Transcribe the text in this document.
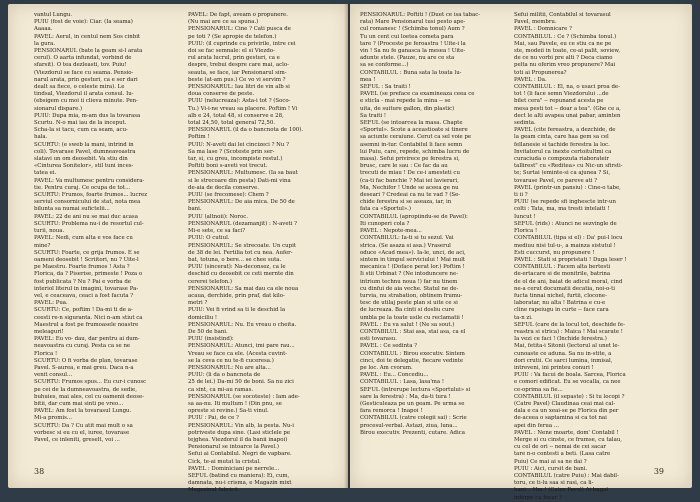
vantul Lungu.
PUIU (fost de voie): Ciar. (Ia seama)
Aaaaa.
PAVEL: Aerul, in centul nem Sos cinbit
la gura.
PENSIONARUL (bate la geam si-l arata
cerul). O aarta infundat, vorbind de
sfarsit). O tea dezleasti, tov. Puiu!
(Viezdorul se face cu seama. Pensio-
narul arata, prin gesturi, ca e ser dari
dealt sa fiece, o celeste mira). Le
tindsal, Viezdorul il arata consul. Iu-
(ebsigem cu moi ii clieva minute. Pen-
sionarul dispare.)
PUIU: Dupa mia, m-am dus la tovarasa
Scurtu. N-o mai iau de la inceput.
Scha-la si tacu, cum ca seam, acu-
hala.
SCURTU: (e sweb la mani, intrind in
coli). Tovarase Pavel, dumneavoastra
slatavi un om deosebit. Va stiu din
«Cinturea Sonitelor», stil tuni inces-
tatea ei.
PAVEL: Va multumesc pentru considera-
tie. Pentru curaj. Ce ocupa de tot...
SCURTU: Frumos, foarte frumos... lucrez
serviul consornicului de stat, nota mea
bilunta sa numai sufictelii...
PAVEL: 22 de ani nu se mai duc acasa
SCURTU: Problema nu-i de resortul cul-
turii, noua.
PAVEL: Nedi, cum alta e vos face cu
mine?
SCURTU: Foarte, ce grija frumos. E se
oameni deosebit ! Scriitori, nu ? Uite-l
pe Maestru. Foarte frumos ! Asta ?
Florica, da ? Piserise, primeste ! Poza o
fost publicata ? Nu ? Pai e vorba de
interiol literul in imagini, tovarase Pa-
vel, e ceaceava, ceaci a fost facuta ?
PAVEL: Pua.
SCURTU: Ce, poftim ! Da-mi ti de a-
ceesti re-n siguranta. Nici n-am stiut ca
Maestrul a fost pe frumoasele noastre
meleaguri!
PAVEL: Eu vo- dau, dar pentru ai dum-
neavoastra cu curaj. Pesta ca se ne
Florica !
SCURTU: O fi vorba de plan, tovarase
Pavel. S-aurea, e mai greu. Daca n-a
venit consul...
SCURTU: Frumos spus... Eu cur-i cunosc
pe cei de la dumneavoastra, de sedie,
buhuies, mai ales, cel cu oamenii deose-
bitii, dar cum mai sinti pe vreo...
PAVEL: Am fost la tovarasul Lungu.
Mi-a promis...
SCURTU: Da ? Cu atit mai mult o sa
vorbesc si eu cu el, iuree, tovarase
Pavel, ce inleniti, greselt, voi ...
PAVEL: De fapt, aveam o propunere.
(Nu mai are ce sa spuna.)
PENSIONARUL: Cine ? Cati pusca de
pe toti ? (Se apropie de telefon.)
PUIU: (il cuprinde cu privirile, intre cei
doi se fac semnale: el si Viezdo-
rul arata lucrul, prin gesturi, ca e
despre, trebui despre care mai, aclo-
seauta, se face, iar Pensionarul sim-
beste (at-am pus.) Ce vo vi servim ?
PENSIONARUL: Iau litri de vin alb si
doua conserve de peste.
PUIU (nelucreaza): Asta-i tot ? (Soco-
Tu.) Vi-i-ne vreau sa placere. Poftim ! Vi
alb e 24, total 48, si conserve e 28,
total 24,50, total general 72,50.
PENSIONARUL (il da o bancnota de 100).
Poftim !
PUIU: N-aveti dai lei cincizeci ? Nu ?
Sa ma lase ? (Scoteste prin ser-
tar, si, cu greu, incompiste restul.)
Poftiti boni s-aveti voi trecut.
PENSIONARUL: Multumesc. (Ia sa baut
si le strecoare din pesta) Dati-mi vina
de-aia de decila conserve.
PUIU (se frecomese): Chem ?
PENSIONARUL: De aia mica. De 50 de
bani.
PUIU (altnoii): Noroc.
PENSIONARUL (dezamanjit) : N-aveti ?
Mi-e sete, ce sa faci?
PUIU: O cutiul.
PENSIONARUL: Se strecoate. Un cupit
de 38 de lei. Fertilia tot cu nea. Aufer-
bat, totuna, o bere... se chee suta.
PUIU (sincerat): Na-deconsez, ca le
deschid cu deosebit ce ceti mernte din
cererei telefon.)
PENSIONARUL: Sa mai dau ca ele noua
acaua, derchide, prin praf, dat kilo-
metri ?
PUIU: Vei fi vrind sa ti le deschid la
domiciliu !
PENSIONARUL: Nu. Eu vreau o cheita.
De 50 de bani.
PUIU (insistind):
PENSIONARUL: Atunci, imi pare rau...
Vreau se face ca ele. (Acesta cuvint-
se la ceva ce nu te-fi cuceresa.)
PENSIONARUL: Nu are alta...
PUIU: (li da o bancnota de
25 de lei.) Da-mi 50 de boni. Sa nu zici
ca sint, ca mi-au ramas.
PENSIONARUL (se socoteste) : Iam ade-
sa aa-nu. Iti multum ! (Din pnu, se
opreste si revine.) Sa-ti vinul.
PUIU : Pai, de ce ?
PENSIONARUL: Vin alb, la pesta. Nu-i
potriveste dupa sine. (Lasi sticlele pe
tejghea. Viezdorul il da banii inapoi)
Pensionarul se intoarce la Pavel.)
Sefui ai Contabilul. Negri de vapbare.
Cick, te-ai mutat la cristal.
PAVEL : Dominiciani pe nerrele...
SEFUL (batind cu maniera): Ei, cum,
damnata, nu-i crisma, e Magazin mixt
Magazinul fabricii.
38
PENSIONARUL: Poftiti ! (Duet ce isa tabac-
rata) Mare Pensionarul tusi pesto ape-
cul romanesc ! (Schimba tonul) Aum ?
Tu un cent cui loetea cometa para
tare ? (Proceste pe feroastra ! Uite-i la
vin ! Sa nu fe ganasca la mesea ! Uite-
adunte stele. (Pauze, nu are ce sta
sa se conforme...)
CONTABILUL : Buna sata la toata lu-
mea !
SEFUL : Sa traiti !
PAVEL (se preface ca examineaza ceea ce
e sticla - mai repede la mina -- se
uita, de suiture gallon, din plastic)
Sa traiti !
SEFUL (se intoarcea la masa. Chapte
«Sportul». Scote a aceastioate si tinere
sa aciunte ceraiune. Cerut ca sel voie pe
asemni in-tur. Contabilul li face semn
lui Puiu, care, repede, schimba lucru de
masa). Sefui privirece pe ferestra si,
brusc, care le sau : Ce fac da au
trecuti de miau ! De ce-i amesteti cu
(ca-ti fac banchie ? Mai iei lavierari,
Ma, Nechifor ! Unde se aceea ge nu
deseari ? Credeai ca nu te vad ? (Se-
chide ferestra si se aseaza, iar, in
fata ca «Sportul».)
CONTABILUL (apropiindu-se de Pavel):
Iti cunoperi cola ?
PAVEL : Nepote-mea...
CONTABILUL: Ia-ti si tu sezul. Vai
strica. (Se asaza si asa.) Vraserul
oduce «Acad mea»). Ia-le, unci, de aci,
sintem in timpul serviciului ! Mai mult
mecanica ! (Doface perat lor.) Poftim !
Ii stii Urbinat ? (Ne intoduncere ne-
intrium technu noua !) far nu tinem
cu dinfui de aia veche. Statul ne de-
turvia, nu strabation, obtinem frumu-
tesc de utilaj peste plan si uite ce si
de lucreaza. Ba cinti si dosliu cure
umbla pe la toate usile cu reclamatii !
PAVEL : Eu va salut ! (Ne sa sout.)
CONTABILUL : Stai asa, stai asa, ca el
esti tovarasu.
PAVEL : Ce sedinta ?
CONTABILUL : Birou executiv. Sintem
cinci, doi te delegatie, fiecare vedinte
pe loc. Am cvorum.
PAVEL : Eu... Concediu...
CONTABILUL : Lasa, lasa'ma !
SEFUL (intrerupe lectura «Sportului» si
sare la ferestra) : Ma, da-ti tura !
(Gesticuleaza pe un geam. Pe urma se
fara remorca ! Inapoi !
CONTABILUL (catre colegii sai) : Scrie
procesul-verbal. Astazi, ziua, luna...
Birou executiv. Prezenti, cutare. Adica
Sefui militii, Contabilul si tovarasul
Pavel, membru.
PAVEL : Domnicare ?
CONTABILUL : Ce ? (Schimba tonul.)
Mai, sau Pavele, eu ce stiu ca ne pe
ste, modeii in toate, ce-ai palit, soview,
de ce nu vorbi pre alti ? Deca ciamo
pelta nu oferim vreo propunere? Mai
toti ai Propunerea?
PAVEL : Da.
CONTABILUL : El, na, o usaci proa de-
tot ! (li face semn Viezdorului ...de
bilet cera" -- repunand acesta pe
mesa pesti tot -- doar a tea". (Ghe ce a,
dect le alti avapea unai pabar, aminten
sedinta.
PAVEL (cite fereastra, a dezchide, de
la geam cinta, care haa gem sa cel
fellanesie si tachide ferestra la loc.
Invitatorul ca inexte certoitultmi ca
curaciuda o compozuta riaborateir
tallirest" cu «Reditea» cu Nic-un sfirsti-
te; Surtai (eminte-si ca ajunea ? Si,
tovarase Pavel, ce pareve ati ?
PAVEL (printr-un pansiu) : Cine-o tabe,
ti ii ?
PUIU (se repede sfi inghescte intr-un
colti : Tata, ma, ma tresti intelaiti !
Iuncut !
SEFUL (rids) : Atunci ne sezvingle de
Florica !
CONTABILUL (tipa si el) : Da' pui-l locu
mediuu nisi tul-u-, a mainza sistutul !
Esti cuccurst, nu propunere !
PAVEL : Stati si propristati ! Duga leser !
CONTABILUL : Facem alta bertesti
de-ertacare si de monitrile, batrina
de ol de ani, baiat de adicul moral, cind
ne-a cerut documatii decatia, noi-o-ti
fucta tinnai nichel, furtii, clocone-
laboratar, nu alta ! Batrina e cu-e
cline rapeiugu in curte -- face cara
ta-n zi.
SEFUL (care de la locul tot, deschide fe-
reastra si strica) : Maica ! Mai scarate !
Ia vezi ce faci ! (Inchide ferestra.)
Mai, fetita-i Sitonii (lectorul al unet le-
cunoaste ce aduna. Sa nu in-stite, a
dori crutii. Ce sarci lumina, inmisal,
intreveni, ini printeu conuri !
PUIU : Va facui de boala. Sarcea, Florica
e comori edificat. Eu se vocalla, ca nee
ce-oprima sa fie...
CONTABILUL (il sepaste) : Si tu locopi ?
(Catre Pavel) Claudinaa ceai mai cal-
dala e ca un xeai-se pe Florica din per
de-aceea o saptamina si ca tot nai
apei din ferua ...
PAVEL : Nene moarte, dom' Contabil !
Merge si cu cinste, ce frumse, cu talau,
cu cel de ori -- nemai de cei sacar
tare n-o contesti a beti. (Lasa catre
Puiu) Ce mai ai sa ne dai ?
PUIU : Aici, cursit de bani.
CONTABILUL (catre Puiu) : Mai dabil-
toru, ce ti-lu saa si rasi, ca li-
bani... Hm ! (Catre Pavel) Ai bagat
inferpe ca focar ?
39
